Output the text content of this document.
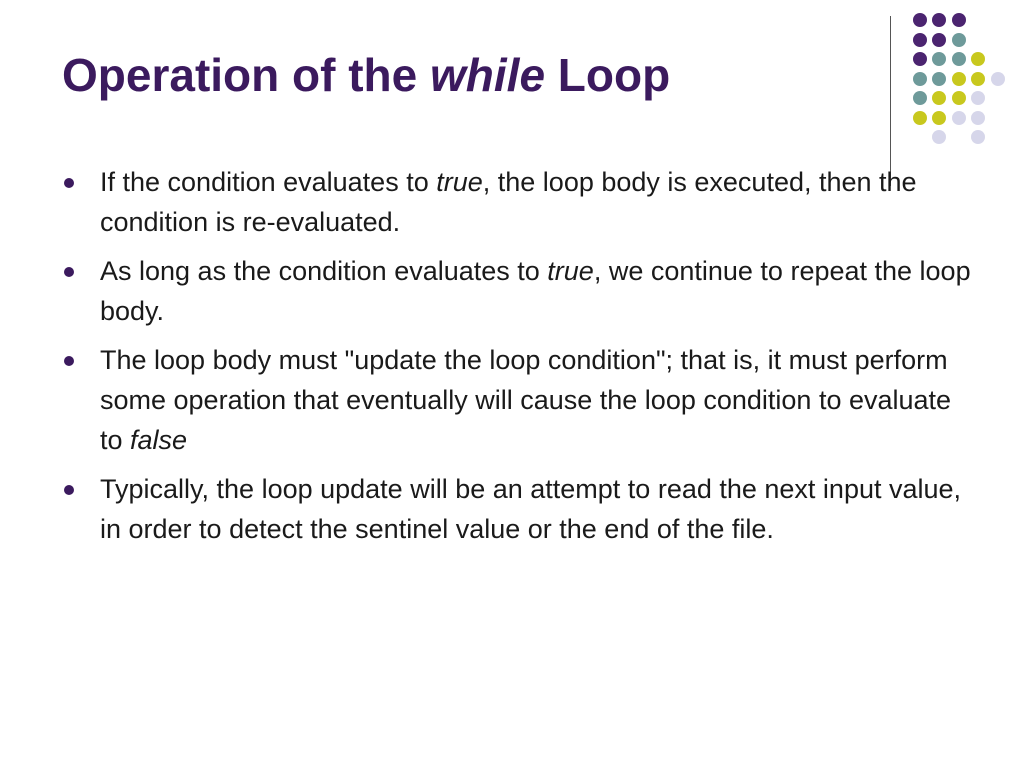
Operation of the while Loop
If the condition evaluates to true, the loop body is executed, then the condition is re-evaluated.
As long as the condition evaluates to true, we continue to repeat the loop body.
The loop body must "update the loop condition"; that is, it must perform some operation that eventually will cause the loop condition to evaluate to false
Typically, the loop update will be an attempt to read the next input value, in order to detect the sentinel value or the end of the file.
